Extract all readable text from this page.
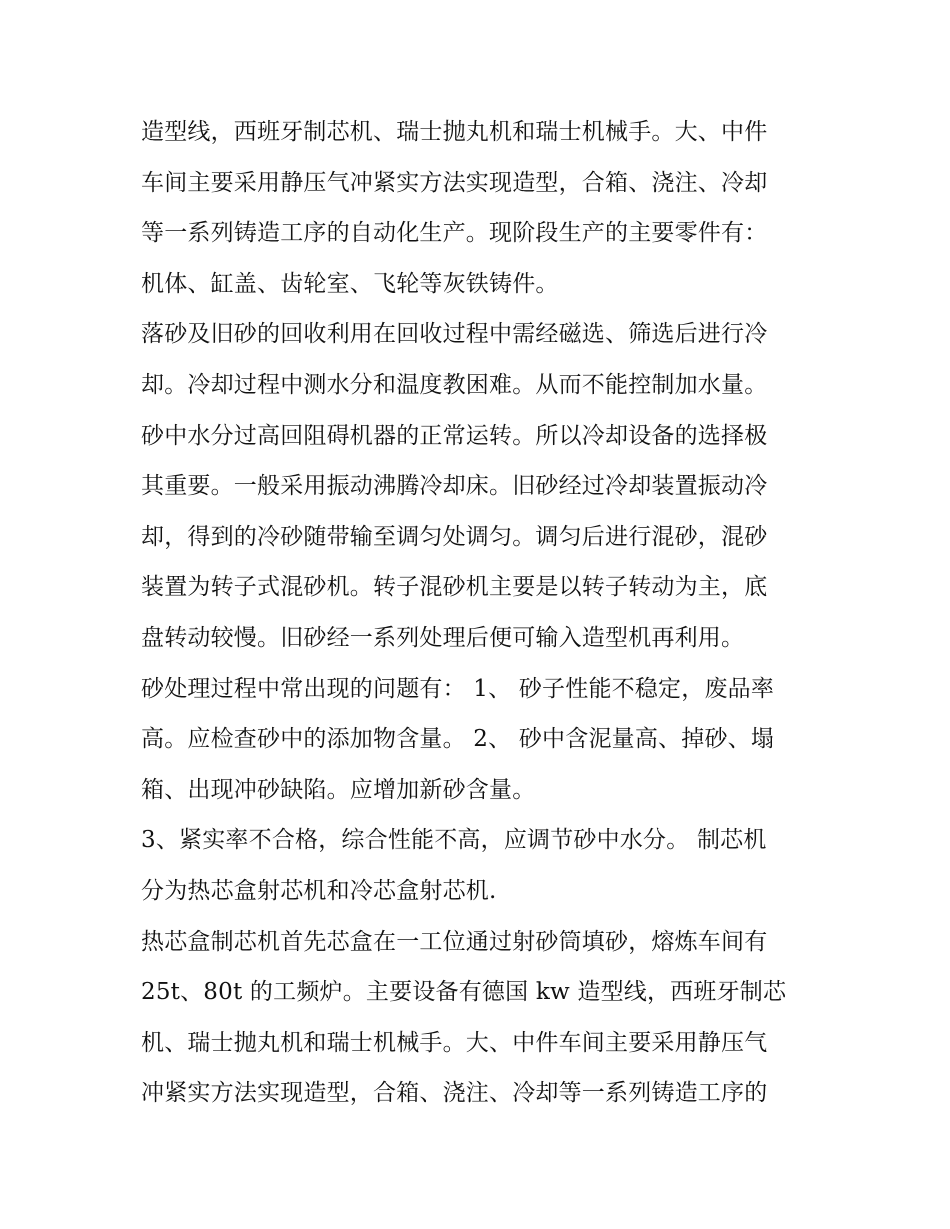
造型线，西班牙制芯机、瑞士抛丸机和瑞士机械手。大、中件
车间主要采用静压气冲紧实方法实现造型，合箱、浇注、冷却
等一系列铸造工序的自动化生产。现阶段生产的主要零件有：
机体、缸盖、齿轮室、飞轮等灰铁铸件。
落砂及旧砂的回收利用在回收过程中需经磁选、筛选后进行冷
却。冷却过程中测水分和温度教困难。从而不能控制加水量。
砂中水分过高回阻碍机器的正常运转。所以冷却设备的选择极
其重要。一般采用振动沸腾冷却床。旧砂经过冷却装置振动冷
却，得到的冷砂随带输至调匀处调匀。调匀后进行混砂，混砂
装置为转子式混砂机。转子混砂机主要是以转子转动为主，底
盘转动较慢。旧砂经一系列处理后便可输入造型机再利用。
砂处理过程中常出现的问题有： 1、 砂子性能不稳定，废品率
高。应检查砂中的添加物含量。 2、 砂中含泥量高、掉砂、塌
箱、出现冲砂缺陷。应增加新砂含量。
3、紧实率不合格，综合性能不高，应调节砂中水分。 制芯机
分为热芯盒射芯机和冷芯盒射芯机.
热芯盒制芯机首先芯盒在一工位通过射砂筒填砂，熔炼车间有
25t、80t 的工频炉。主要设备有德国 kw 造型线，西班牙制芯
机、瑞士抛丸机和瑞士机械手。大、中件车间主要采用静压气
冲紧实方法实现造型，合箱、浇注、冷却等一系列铸造工序的
